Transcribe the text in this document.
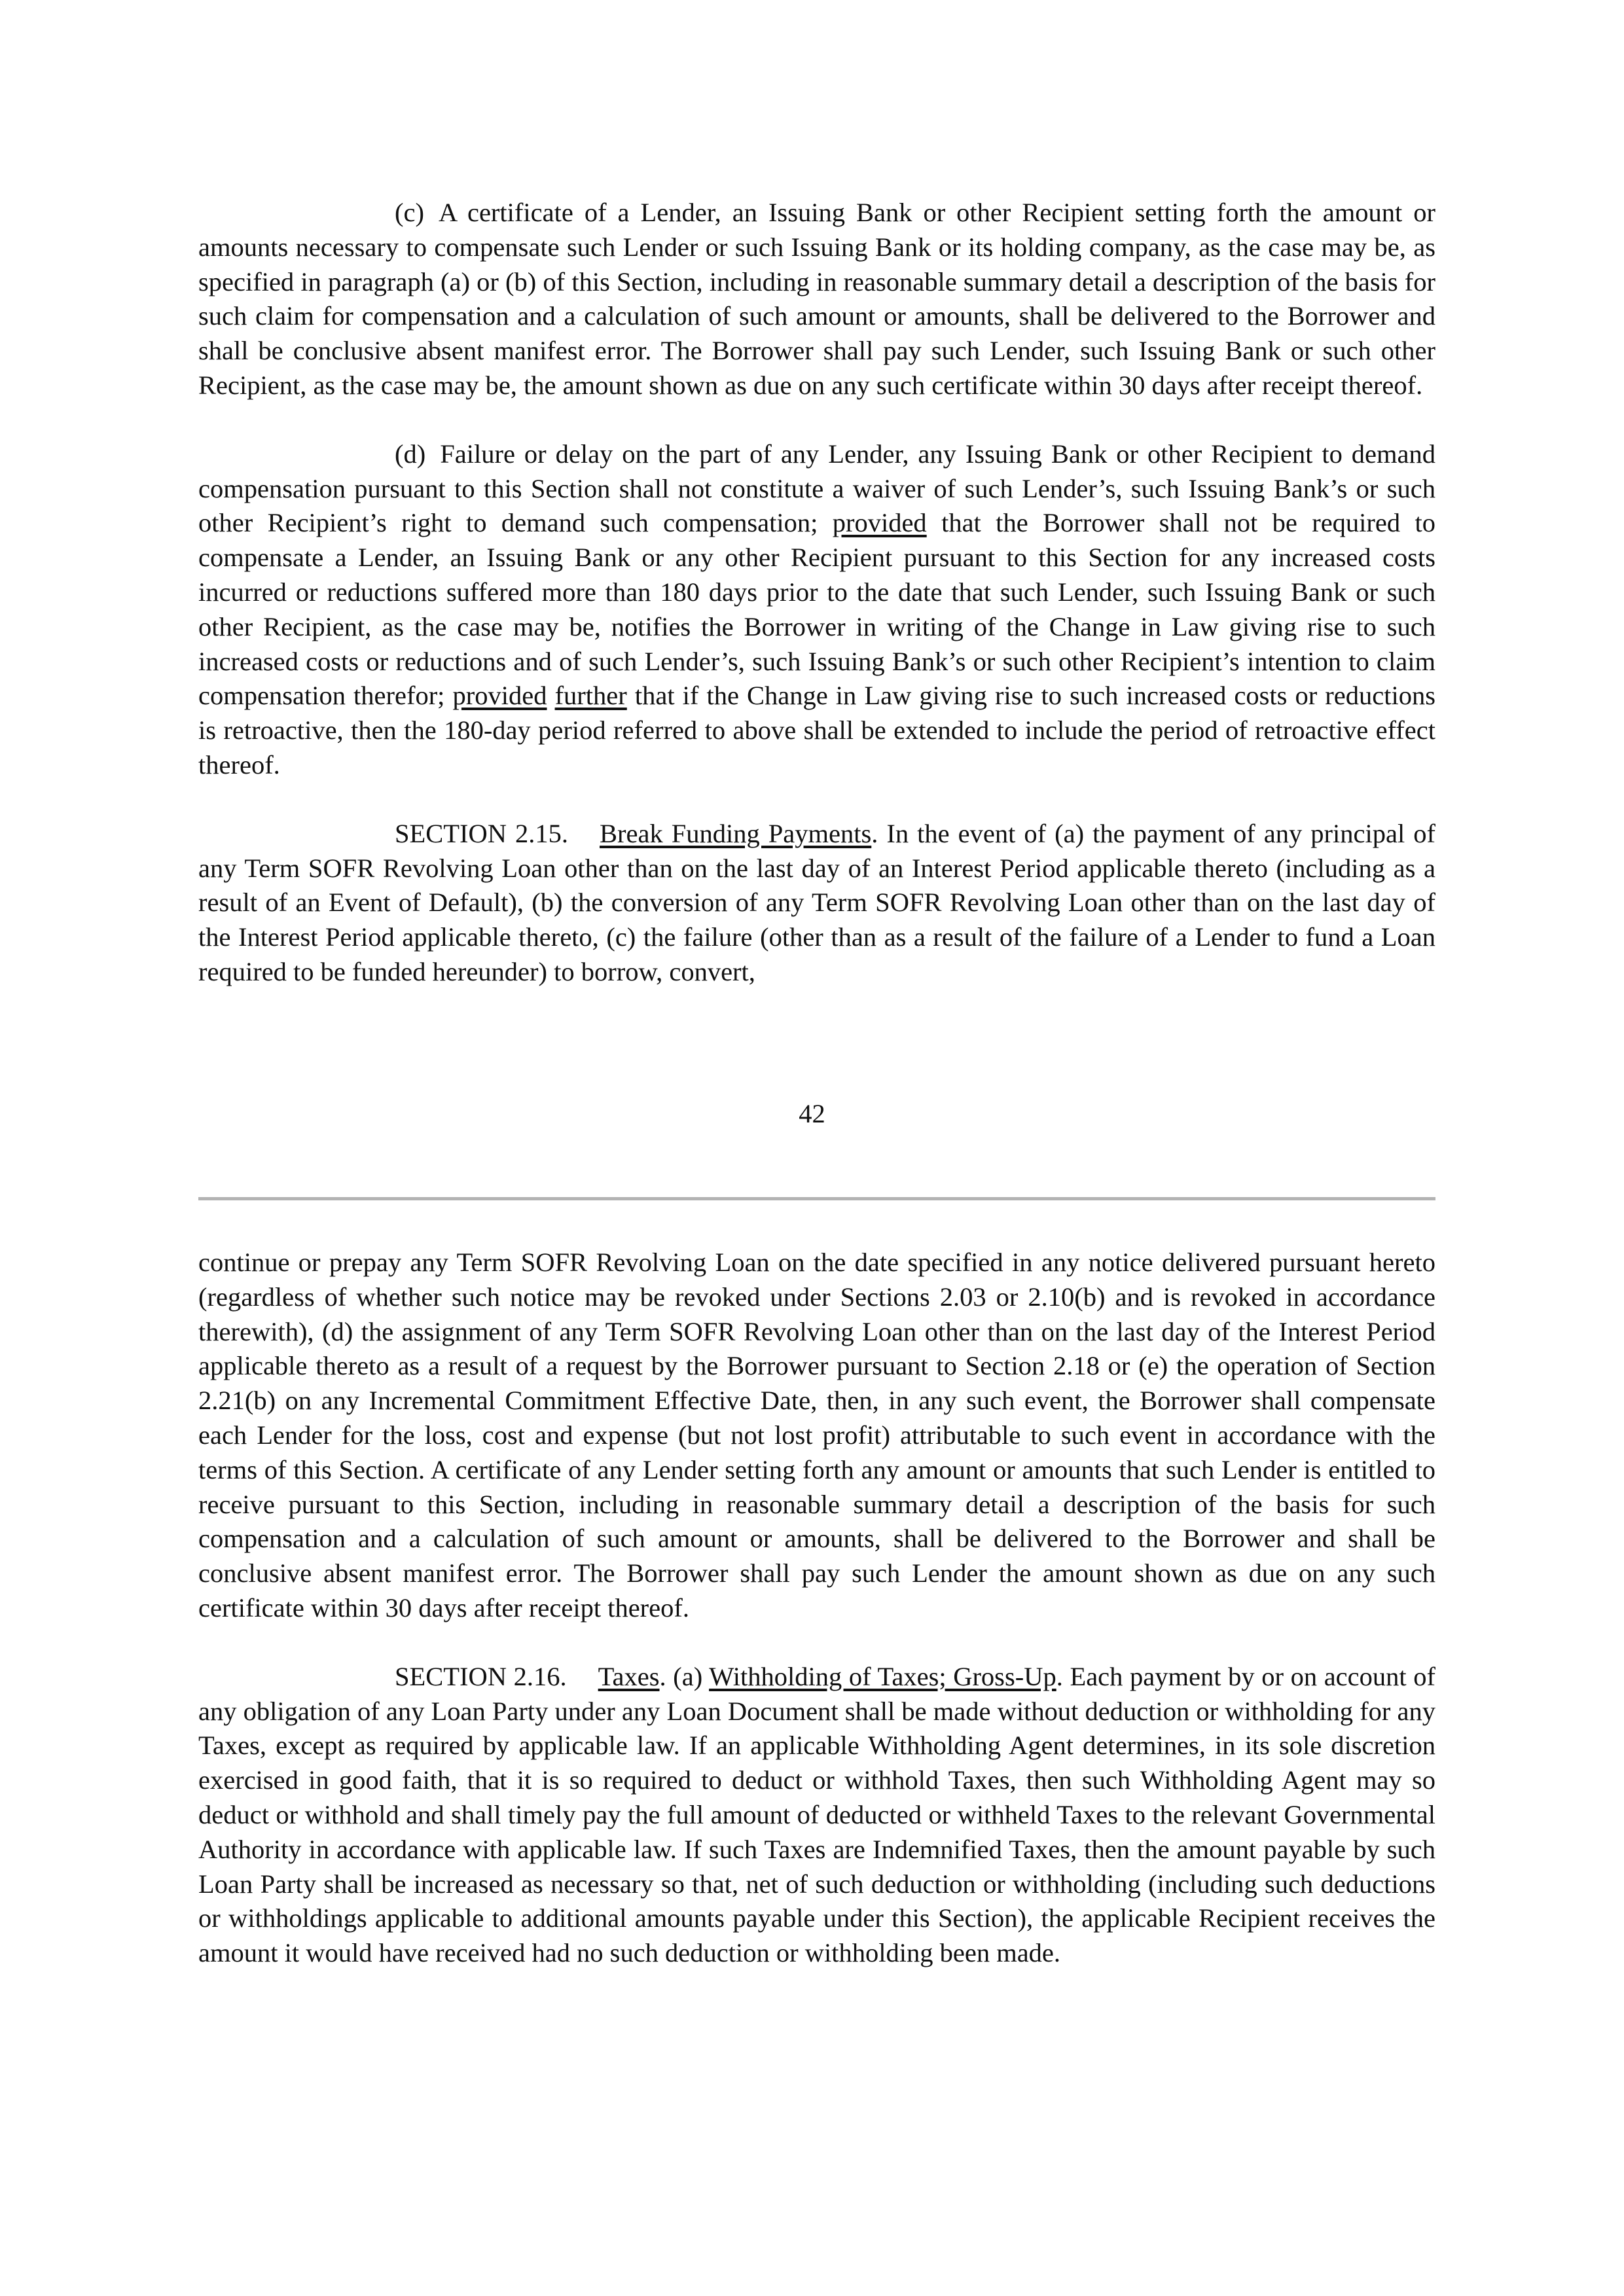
(c) A certificate of a Lender, an Issuing Bank or other Recipient setting forth the amount or amounts necessary to compensate such Lender or such Issuing Bank or its holding company, as the case may be, as specified in paragraph (a) or (b) of this Section, including in reasonable summary detail a description of the basis for such claim for compensation and a calculation of such amount or amounts, shall be delivered to the Borrower and shall be conclusive absent manifest error. The Borrower shall pay such Lender, such Issuing Bank or such other Recipient, as the case may be, the amount shown as due on any such certificate within 30 days after receipt thereof.

(d) Failure or delay on the part of any Lender, any Issuing Bank or other Recipient to demand compensation pursuant to this Section shall not constitute a waiver of such Lender’s, such Issuing Bank’s or such other Recipient’s right to demand such compensation; provided that the Borrower shall not be required to compensate a Lender, an Issuing Bank or any other Recipient pursuant to this Section for any increased costs incurred or reductions suffered more than 180 days prior to the date that such Lender, such Issuing Bank or such other Recipient, as the case may be, notifies the Borrower in writing of the Change in Law giving rise to such increased costs or reductions and of such Lender’s, such Issuing Bank’s or such other Recipient’s intention to claim compensation therefor; provided further that if the Change in Law giving rise to such increased costs or reductions is retroactive, then the 180-day period referred to above shall be extended to include the period of retroactive effect thereof.

SECTION 2.15. Break Funding Payments. In the event of (a) the payment of any principal of any Term SOFR Revolving Loan other than on the last day of an Interest Period applicable thereto (including as a result of an Event of Default), (b) the conversion of any Term SOFR Revolving Loan other than on the last day of the Interest Period applicable thereto, (c) the failure (other than as a result of the failure of a Lender to fund a Loan required to be funded hereunder) to borrow, convert,

42

continue or prepay any Term SOFR Revolving Loan on the date specified in any notice delivered pursuant hereto (regardless of whether such notice may be revoked under Sections 2.03 or 2.10(b) and is revoked in accordance therewith), (d) the assignment of any Term SOFR Revolving Loan other than on the last day of the Interest Period applicable thereto as a result of a request by the Borrower pursuant to Section 2.18 or (e) the operation of Section 2.21(b) on any Incremental Commitment Effective Date, then, in any such event, the Borrower shall compensate each Lender for the loss, cost and expense (but not lost profit) attributable to such event in accordance with the terms of this Section. A certificate of any Lender setting forth any amount or amounts that such Lender is entitled to receive pursuant to this Section, including in reasonable summary detail a description of the basis for such compensation and a calculation of such amount or amounts, shall be delivered to the Borrower and shall be conclusive absent manifest error. The Borrower shall pay such Lender the amount shown as due on any such certificate within 30 days after receipt thereof.

SECTION 2.16. Taxes. (a) Withholding of Taxes; Gross-Up. Each payment by or on account of any obligation of any Loan Party under any Loan Document shall be made without deduction or withholding for any Taxes, except as required by applicable law. If an applicable Withholding Agent determines, in its sole discretion exercised in good faith, that it is so required to deduct or withhold Taxes, then such Withholding Agent may so deduct or withhold and shall timely pay the full amount of deducted or withheld Taxes to the relevant Governmental Authority in accordance with applicable law. If such Taxes are Indemnified Taxes, then the amount payable by such Loan Party shall be increased as necessary so that, net of such deduction or withholding (including such deductions or withholdings applicable to additional amounts payable under this Section), the applicable Recipient receives the amount it would have received had no such deduction or withholding been made.
